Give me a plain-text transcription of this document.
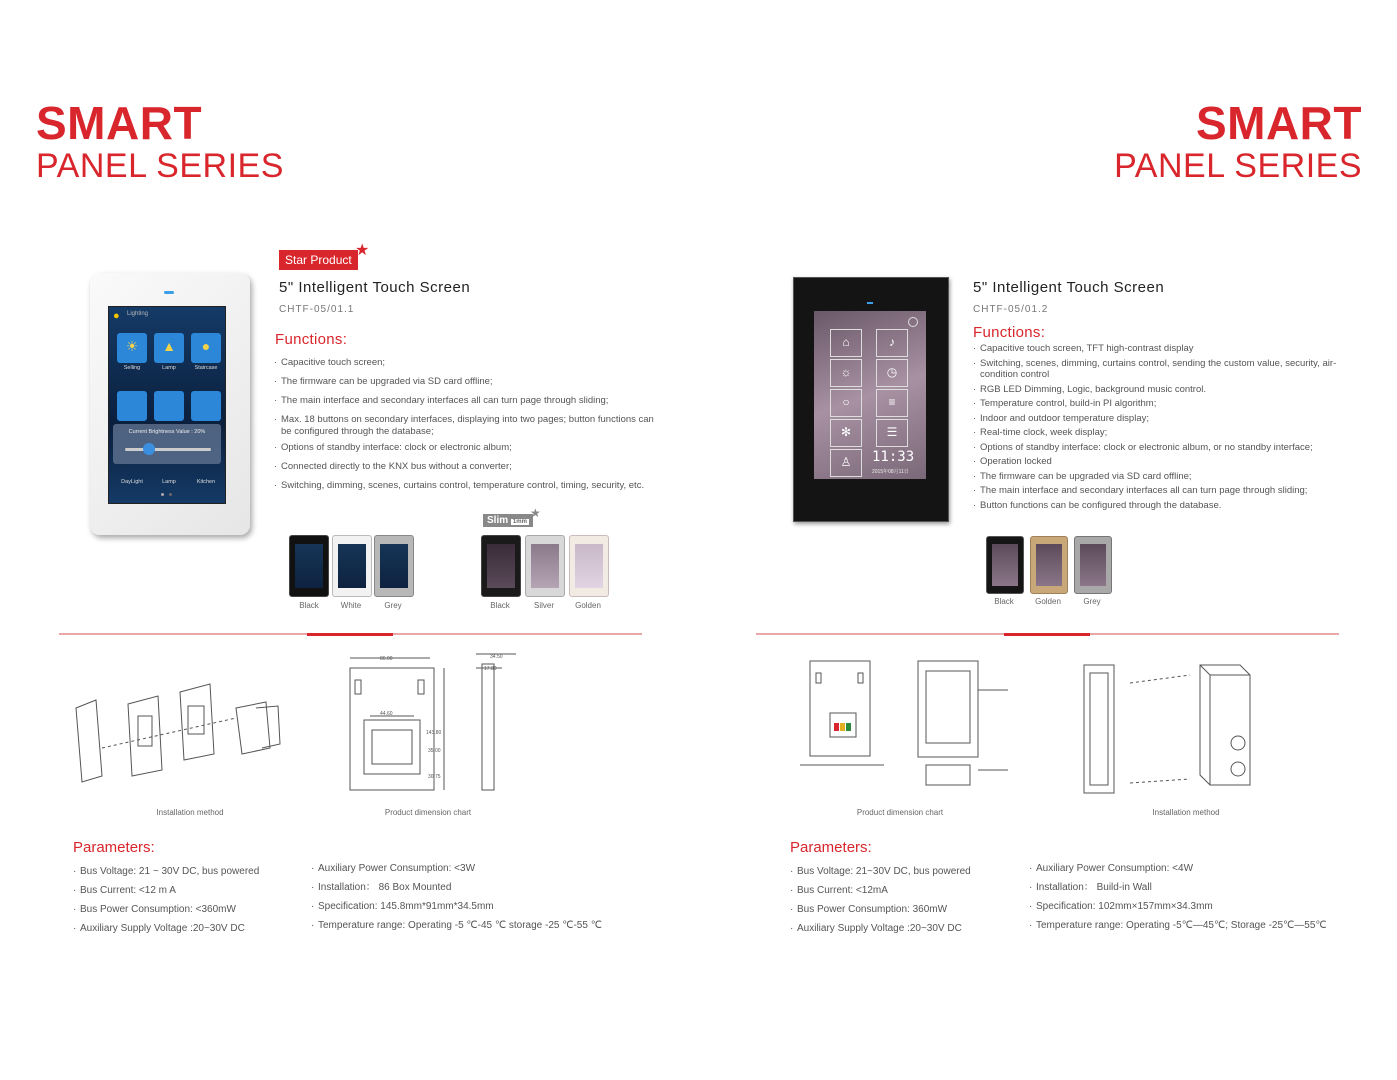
SMART
PANEL SERIES
●	Lighting
☀	▲	●
Selling	Lamp	Staircase
Current Brightness Value : 20%
DayLight	Lamp	Kitchen
Star Product
★
5" Intelligent Touch Screen
CHTF-05/01.1
Functions:
· Capacitive touch screen;
· The firmware can be upgraded via SD card offline;
· The main interface and secondary interfaces all can turn page through sliding;
· Max. 18 buttons on secondary interfaces, displaying into two pages; button functions can be configured through the database;
· Options of standby interface: clock or electronic album;
· Connected directly to the KNX bus without a converter;
· Switching, dimming, scenes, curtains control, temperature control, timing, security, etc.
Slim 1mm
★
Black	White	Grey	Black	Silver	Golden
86.00
44.60
143.80
35.00
30.75
34.50
17.80
Installation method	Product dimension chart
Parameters:
· Bus Voltage: 21 ~ 30V DC, bus powered
· Bus Current: <12 m A
· Bus Power Consumption: <360mW
· Auxiliary Supply Voltage :20~30V DC
· Auxiliary Power Consumption: <3W
· Installation： 86 Box Mounted
· Specification: 145.8mm*91mm*34.5mm
· Temperature range: Operating -5 ℃-45 ℃ storage -25 ℃-55 ℃
SMART
PANEL SERIES
⌂	♪
☼	◷
○	≡
✻	☰
♙	11:33
2015年08月11日
5" Intelligent Touch Screen
CHTF-05/01.2
Functions:
· Capacitive touch screen, TFT high-contrast display
· Switching, scenes, dimming, curtains control, sending the custom value, security, air-condition control
· RGB LED Dimming, Logic, background music control.
· Temperature control, build-in PI algorithm;
· Indoor and outdoor temperature display;
· Real-time clock, week display;
· Options of standby interface: clock or electronic album, or no standby interface;
· Operation locked
· The firmware can be upgraded via SD card offline;
· The main interface and secondary interfaces all can turn page through sliding;
· Button functions can be configured through the database.
Black	Golden	Grey
Product dimension chart	Installation method
Parameters:
· Bus Voltage: 21~30V DC, bus powered
· Bus Current: <12mA
· Bus Power Consumption: 360mW
· Auxiliary Supply Voltage :20~30V DC
· Auxiliary Power Consumption: <4W
· Installation： Build-in Wall
· Specification: 102mm×157mm×34.3mm
· Temperature range: Operating -5℃—45℃; Storage -25℃—55℃
